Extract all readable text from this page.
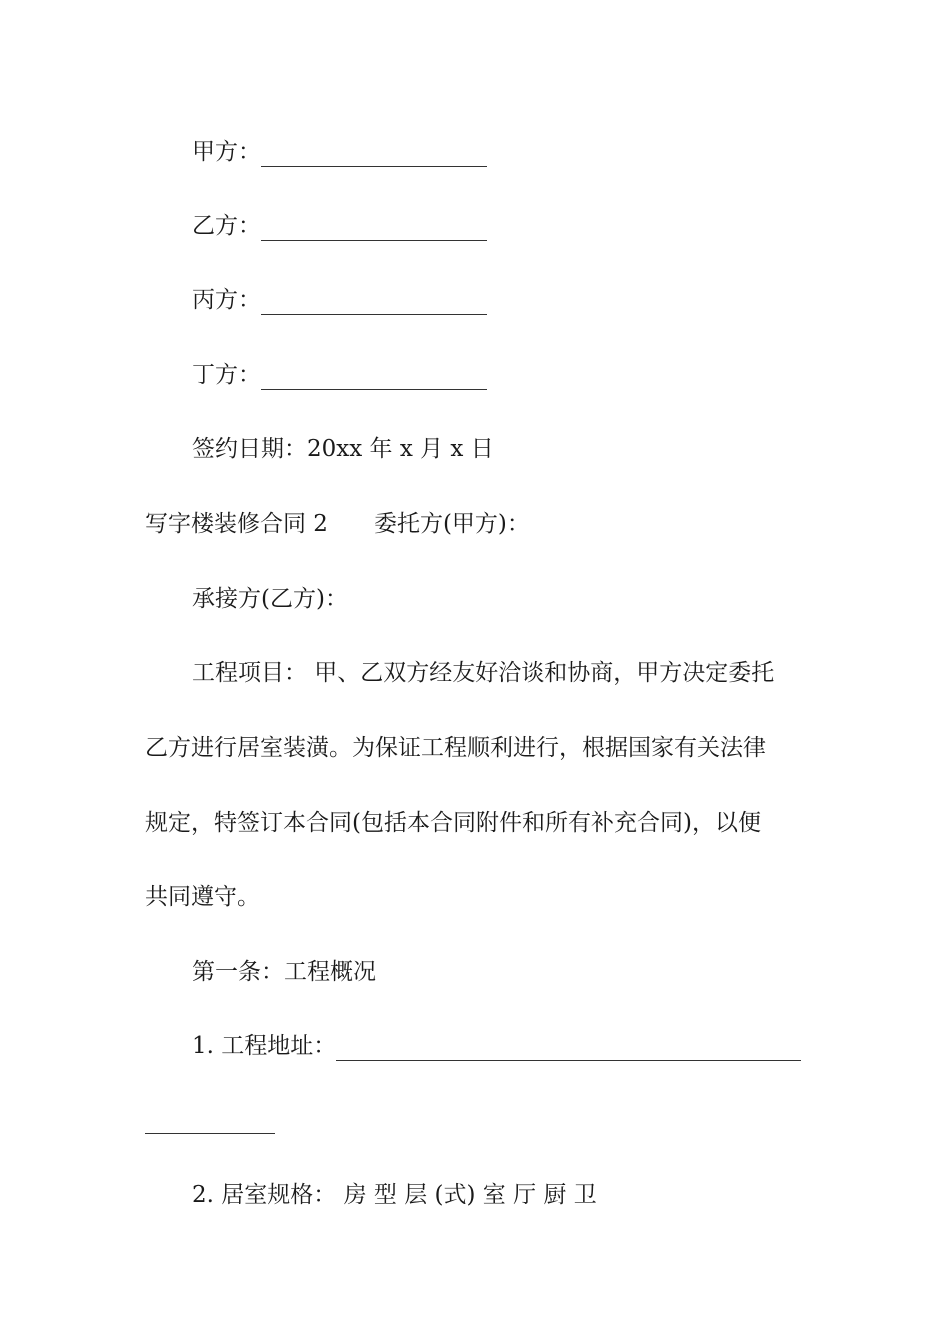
甲方：
乙方：
丙方：
丁方：
签约日期：20xx 年 x 月 x 日
写字楼装修合同 2 委托方(甲方)：
承接方(乙方)：
工程项目： 甲、乙双方经友好洽谈和协商，甲方决定委托
乙方进行居室装潢。为保证工程顺利进行，根据国家有关法律
规定，特签订本合同(包括本合同附件和所有补充合同)，以便
共同遵守。
第一条：工程概况
1. 工程地址：
2. 居室规格： 房 型 层 (式) 室 厅 厨 卫
